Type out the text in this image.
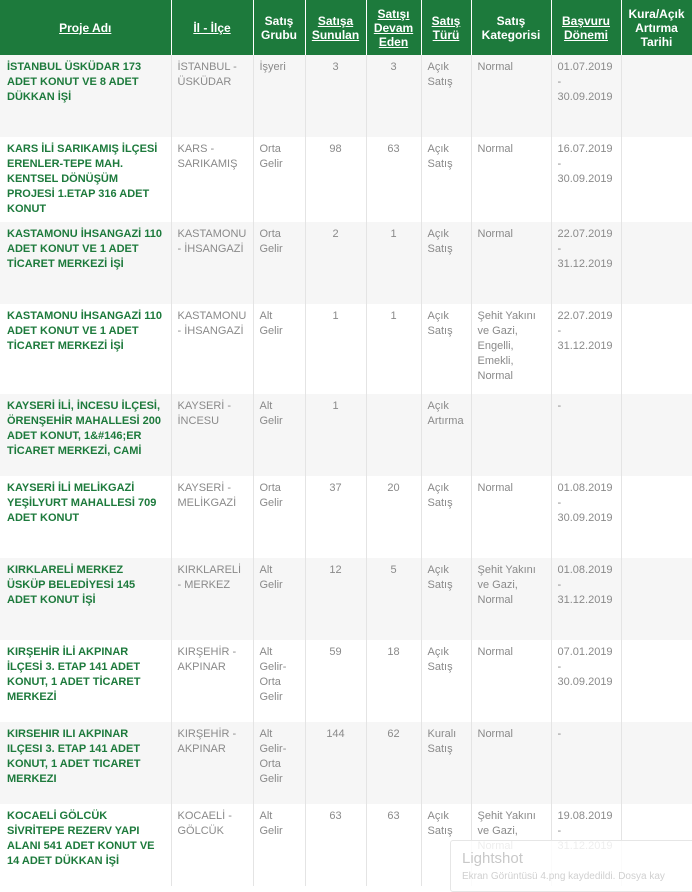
Proje Adı	İl - İlçe	Satış Grubu	Satışa Sunulan	Satışı Devam Eden	Satış Türü	Satış Kategorisi	Başvuru Dönemi	Kura/Açık Artırma Tarihi
İSTANBUL ÜSKÜDAR 173 ADET KONUT VE 8 ADET DÜKKAN İŞİ	İSTANBUL - ÜSKÜDAR	İşyeri	3	3	Açık Satış	Normal	01.07.2019 - 30.09.2019	
KARS İLİ SARIKAMIŞ İLÇESİ ERENLER-TEPE MAH. KENTSEL DÖNÜŞÜM PROJESİ 1.ETAP 316 ADET KONUT	KARS - SARIKAMIŞ	Orta Gelir	98	63	Açık Satış	Normal	16.07.2019 - 30.09.2019	
KASTAMONU İHSANGAZİ 110 ADET KONUT VE 1 ADET TİCARET MERKEZİ İŞİ	KASTAMONU - İHSANGAZİ	Orta Gelir	2	1	Açık Satış	Normal	22.07.2019 - 31.12.2019	
KASTAMONU İHSANGAZİ 110 ADET KONUT VE 1 ADET TİCARET MERKEZİ İŞİ	KASTAMONU - İHSANGAZİ	Alt Gelir	1	1	Açık Satış	Şehit Yakını ve Gazi, Engelli, Emekli, Normal	22.07.2019 - 31.12.2019	
KAYSERİ İLİ, İNCESU İLÇESİ, ÖRENŞEHİR MAHALLESİ 200 ADET KONUT, 1&#146;ER TİCARET MERKEZİ, CAMİ	KAYSERİ - İNCESU	Alt Gelir	1		Açık Artırma		-	
KAYSERİ İLİ MELİKGAZİ YEŞİLYURT MAHALLESİ 709 ADET KONUT	KAYSERİ - MELİKGAZİ	Orta Gelir	37	20	Açık Satış	Normal	01.08.2019 - 30.09.2019	
KIRKLARELİ MERKEZ ÜSKÜP BELEDİYESİ 145 ADET KONUT İŞİ	KIRKLARELİ - MERKEZ	Alt Gelir	12	5	Açık Satış	Şehit Yakını ve Gazi, Normal	01.08.2019 - 31.12.2019	
KIRŞEHİR İLİ AKPINAR İLÇESİ 3. ETAP 141 ADET KONUT, 1 ADET TİCARET MERKEZİ	KIRŞEHİR - AKPINAR	Alt Gelir-Orta Gelir	59	18	Açık Satış	Normal	07.01.2019 - 30.09.2019	
KIRSEHIR ILI AKPINAR ILÇESI 3. ETAP 141 ADET KONUT, 1 ADET TICARET MERKEZI	KIRŞEHİR - AKPINAR	Alt Gelir-Orta Gelir	144	62	Kuralı Satış	Normal	-	
KOCAELİ GÖLCÜK SİVRİTEPE REZERV YAPI ALANI 541 ADET KONUT VE 14 ADET DÜKKAN İŞİ	KOCAELİ - GÖLCÜK	Alt Gelir	63	63	Açık Satış	Şehit Yakını ve Gazi,	19.08.2019 -	
Lightshot
Ekran Görüntüsü 4.png kaydedildi. Dosya kay
